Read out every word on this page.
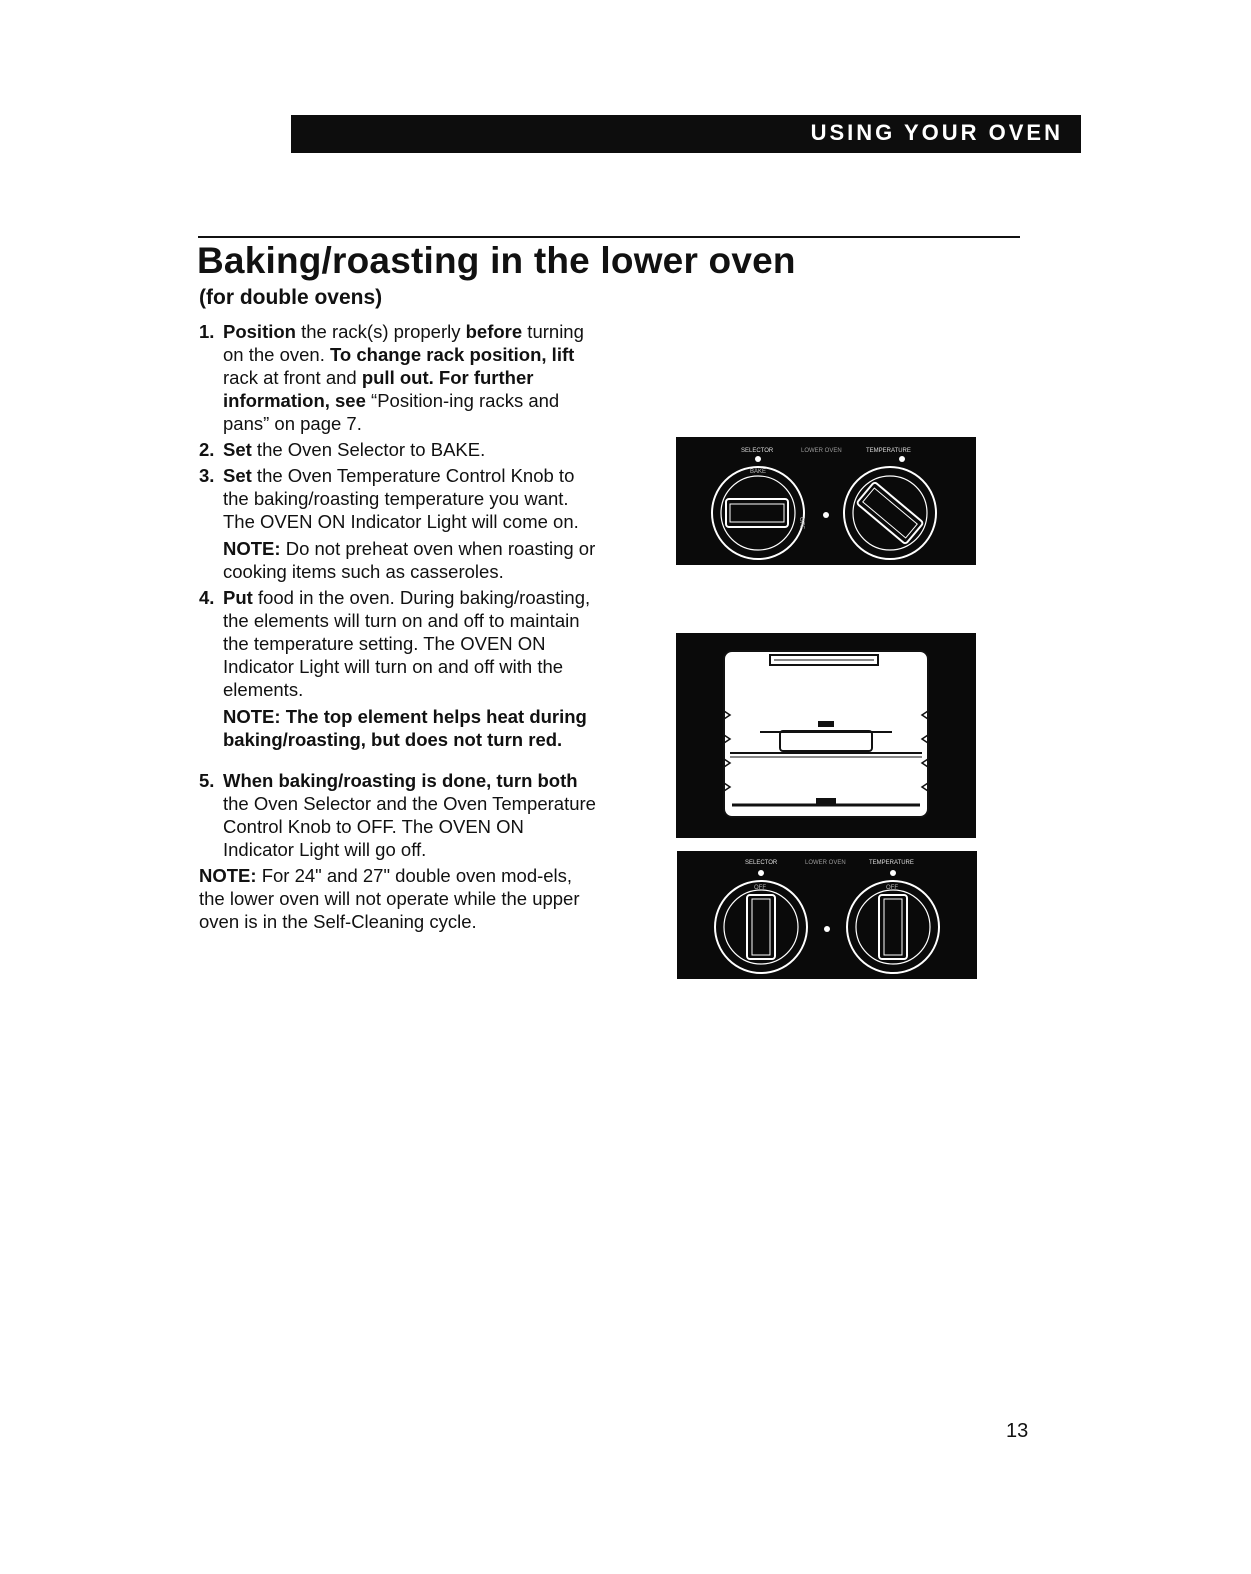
USING YOUR OVEN
Baking/roasting in the lower oven
(for double ovens)
1. Position the rack(s) properly before turning on the oven. To change rack position, lift rack at front and pull out. For further information, see “Position-ing racks and pans” on page 7.

2. Set the Oven Selector to BAKE.

3. Set the Oven Temperature Control Knob to the baking/roasting temperature you want. The OVEN ON Indicator Light will come on.

NOTE: Do not preheat oven when roasting or cooking items such as casseroles.

4. Put food in the oven. During baking/roasting, the elements will turn on and off to maintain the temperature setting. The OVEN ON Indicator Light will turn on and off with the elements.

NOTE: The top element helps heat during baking/roasting, but does not turn red.

5. When baking/roasting is done, turn both the Oven Selector and the Oven Temperature Control Knob to OFF. The OVEN ON Indicator Light will go off.

NOTE: For 24" and 27" double oven mod-els, the lower oven will not operate while the upper oven is in the Self-Cleaning cycle.

SELECTOR	LOWER OVEN	TEMPERATURE
BAKE
OFF
SELECTOR	LOWER OVEN	TEMPERATURE
OFF	OFF
13
